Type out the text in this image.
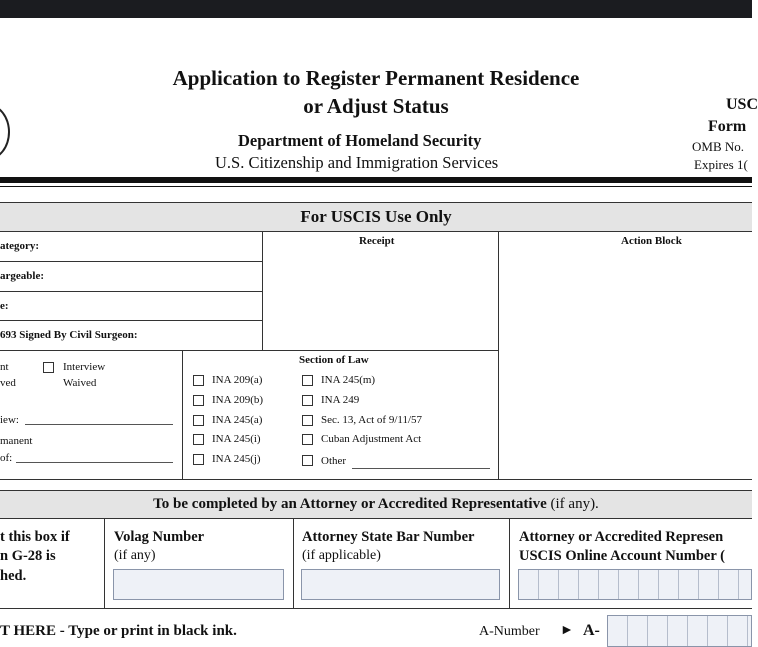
Application to Register Permanent Residence
or Adjust Status
Department of Homeland Security
U.S. Citizenship and Immigration Services
USC
Form
OMB No.
Expires 1(
For USCIS Use Only
ategory:
argeable:
e:
693 Signed By Civil Surgeon:
Receipt	Action Block
nt
ved
Interview
Waived
iew:
manent
of:
Section of Law
INA 209(a)
INA 209(b)
INA 245(a)
INA 245(i)
INA 245(j)
INA 245(m)
INA 249
Sec. 13, Act of 9/11/57
Cuban Adjustment Act
Other
To be completed by an Attorney or Accredited Representative (if any).
t this box if
n G-28 is
hed.
Volag Number
(if any)
Attorney State Bar Number
(if applicable)
Attorney or Accredited Represen
USCIS Online Account Number (
T HERE - Type or print in black ink.	A-Number ► A-
